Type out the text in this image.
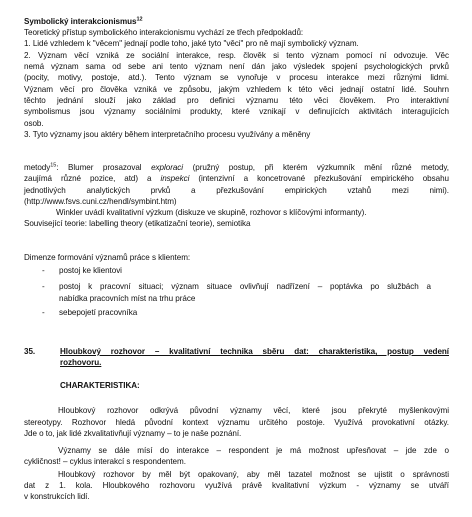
Symbolický interakcionismus$^{12}$

Teoretický přístup symbolického interakcionismu vychází ze třech předpokladů:

1. Lidé vzhledem k "věcem" jednají podle toho, jaké tyto "věci" pro ně mají symbolický význam.

2. Význam věcí vzniká ze sociální interakce, resp. člověk si tento význam pomocí ní odvozuje. Věc

nemá význam sama od sebe ani tento význam není dán jako výsledek spojení psychologických prvků

(pocity, motivy, postoje, atd.). Tento význam se vynořuje v procesu interakce mezi různými lidmi.

Význam věcí pro člověka vzniká ve způsobu, jakým vzhledem k této věci jednají ostatní lidé. Souhrn

těchto jednání slouží jako základ pro definici významu této věci člověkem. Pro interaktivní

symbolismus jsou významy sociálními produkty, které vznikají v definujících aktivitách interagujících

osob.

3. Tyto významy jsou aktéry během interpretačního procesu využívány a měněny

metody$^{15}$: Blumer prosazoval exploraci (pružný postup, při kterém výzkumník mění různé metody,

zaujímá různé pozice, atd) a inspekci (intenzivní a koncetrované přezkušování empirického obsahu

jednotlivých analytických prvků a přezkušování empirických vztahů mezi nimi).

(http://www.fsvs.cuni.cz/hendl/symbint.htm)

Winkler uvádí kvalitativní výzkum (diskuze ve skupině, rozhovor s klíčovými informanty).

Související teorie: labelling theory (etikatizační teorie), semiotika

Dimenze formování významů práce s klientem:

- postoj ke klientovi

- postoj k pracovní situaci; význam situace ovlivňují nadřízení – poptávka po službách a

nabídka pracovních míst na trhu práce

- sebepojetí pracovníka

35.	Hloubkový rozhovor – kvalitativní technika sběru dat: charakteristika, postup vedení

rozhovoru.

CHARAKTERISTIKA:

Hloubkový rozhovor odkrývá původní významy věcí, které jsou překryté myšlenkovými

stereotypy. Rozhovor hledá původní kontext významu určitého postoje. Využívá provokativní otázky.

Jde o to, jak lidé zkvalitativňují významy – to je naše poznání.

Významy se dále mísí do interakce – respondent je má možnost upřesňovat – jde zde o

cykličnost! – cyklus interakcí s respondentem.

Hloubkový rozhovor by měl být opakovaný, aby měl tazatel možnost se ujistit o správnosti

dat z 1. kola. Hloubkového rozhovoru využívá právě kvalitativní výzkum - významy se utváří

v konstrukcích lidí.
